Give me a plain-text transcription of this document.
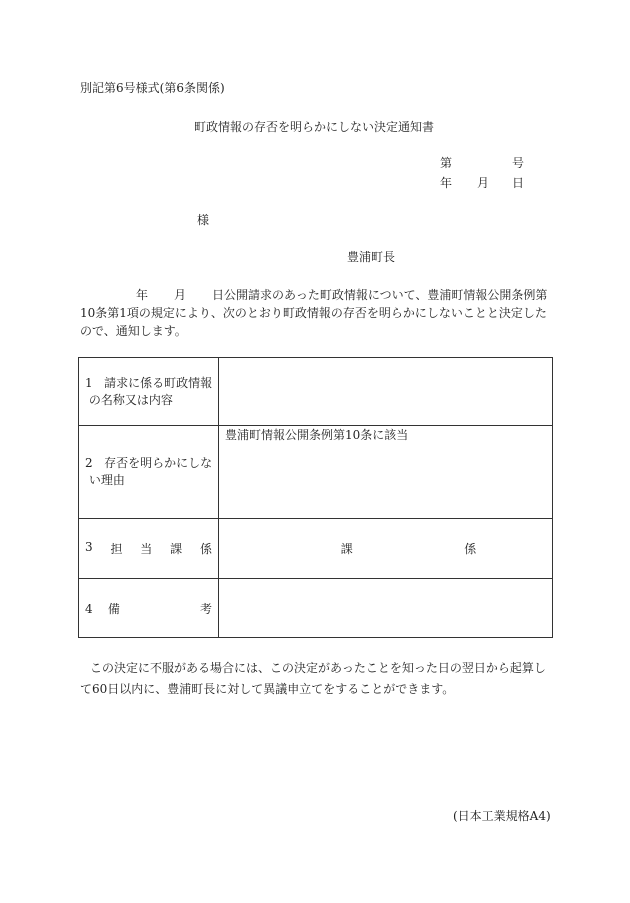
別記第6号様式(第6条関係)
町政情報の存否を明らかにしない決定通知書
第	号
年 月 日
様
豊浦町長
年 月 日公開請求のあった町政情報について、豊浦町情報公開条例第10条第1項の規定により、次のとおり町政情報の存否を明らかにしないことと決定したので、通知します。
1 請求に係る町政情報
の名称又は内容	

2 存否を明らかにしな
い理由	豊浦町情報公開条例第10条に該当

3 担 当 課 係	課 係

4 備 考	

この決定に不服がある場合には、この決定があったことを知った日の翌日から起算して60日以内に、豊浦町長に対して異議申立てをすることができます。
(日本工業規格A4)
